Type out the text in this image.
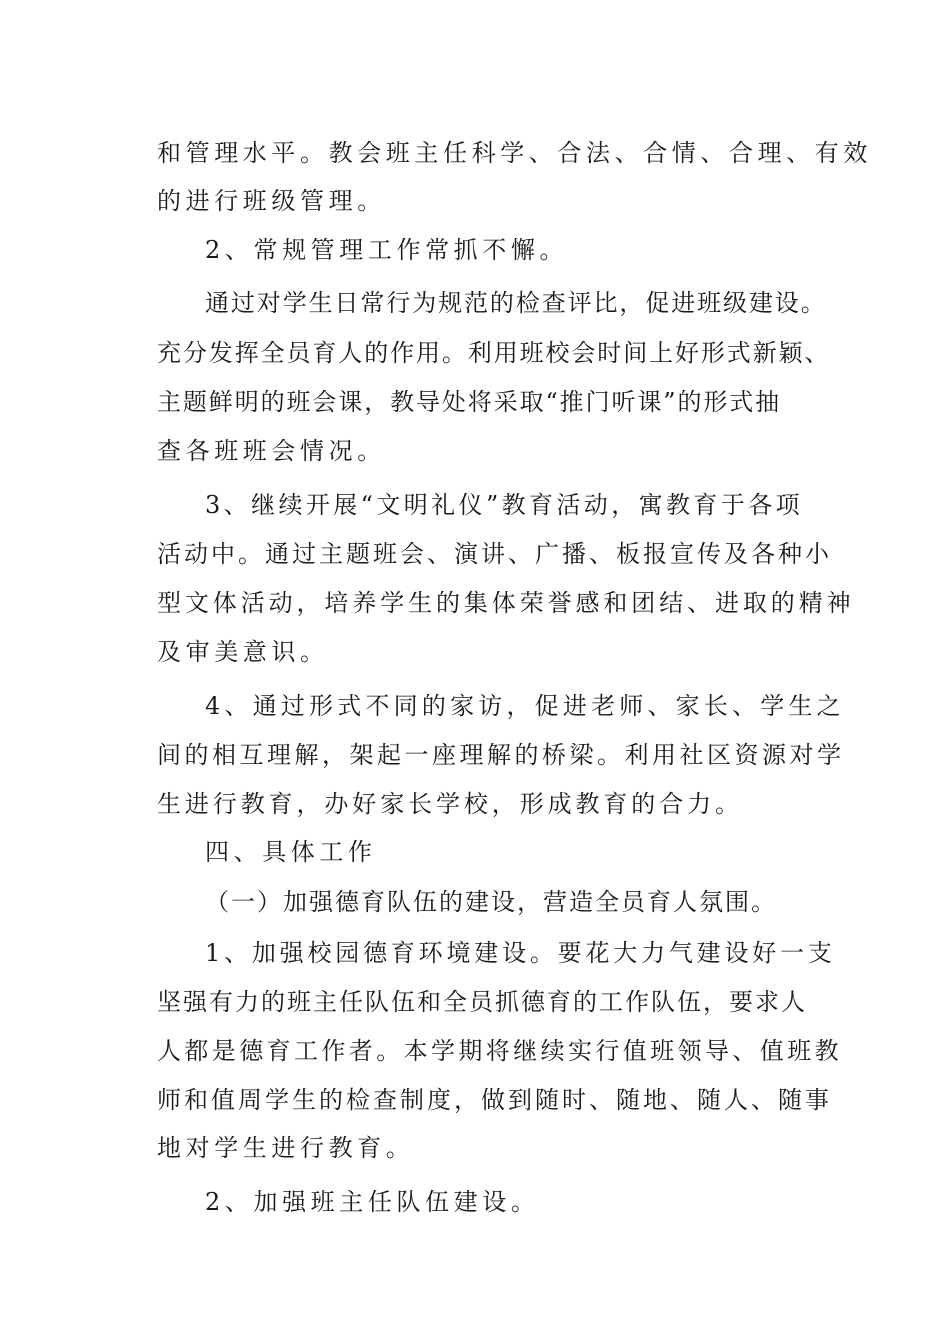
和管理水平。教会班主任科学、合法、合情、合理、有效
的进行班级管理。
2、常规管理工作常抓不懈。
通过对学生日常行为规范的检查评比，促进班级建设。
充分发挥全员育人的作用。利用班校会时间上好形式新颖、
主题鲜明的班会课，教导处将采取“推门听课”的形式抽
查各班班会情况。
3、继续开展“文明礼仪”教育活动，寓教育于各项
活动中。通过主题班会、演讲、广播、板报宣传及各种小
型文体活动，培养学生的集体荣誉感和团结、进取的精神
及审美意识。
4、通过形式不同的家访，促进老师、家长、学生之
间的相互理解，架起一座理解的桥梁。利用社区资源对学
生进行教育，办好家长学校，形成教育的合力。
四、具体工作
（一）加强德育队伍的建设，营造全员育人氛围。
1、加强校园德育环境建设。要花大力气建设好一支
坚强有力的班主任队伍和全员抓德育的工作队伍，要求人
人都是德育工作者。本学期将继续实行值班领导、值班教
师和值周学生的检查制度，做到随时、随地、随人、随事
地对学生进行教育。
2、加强班主任队伍建设。
